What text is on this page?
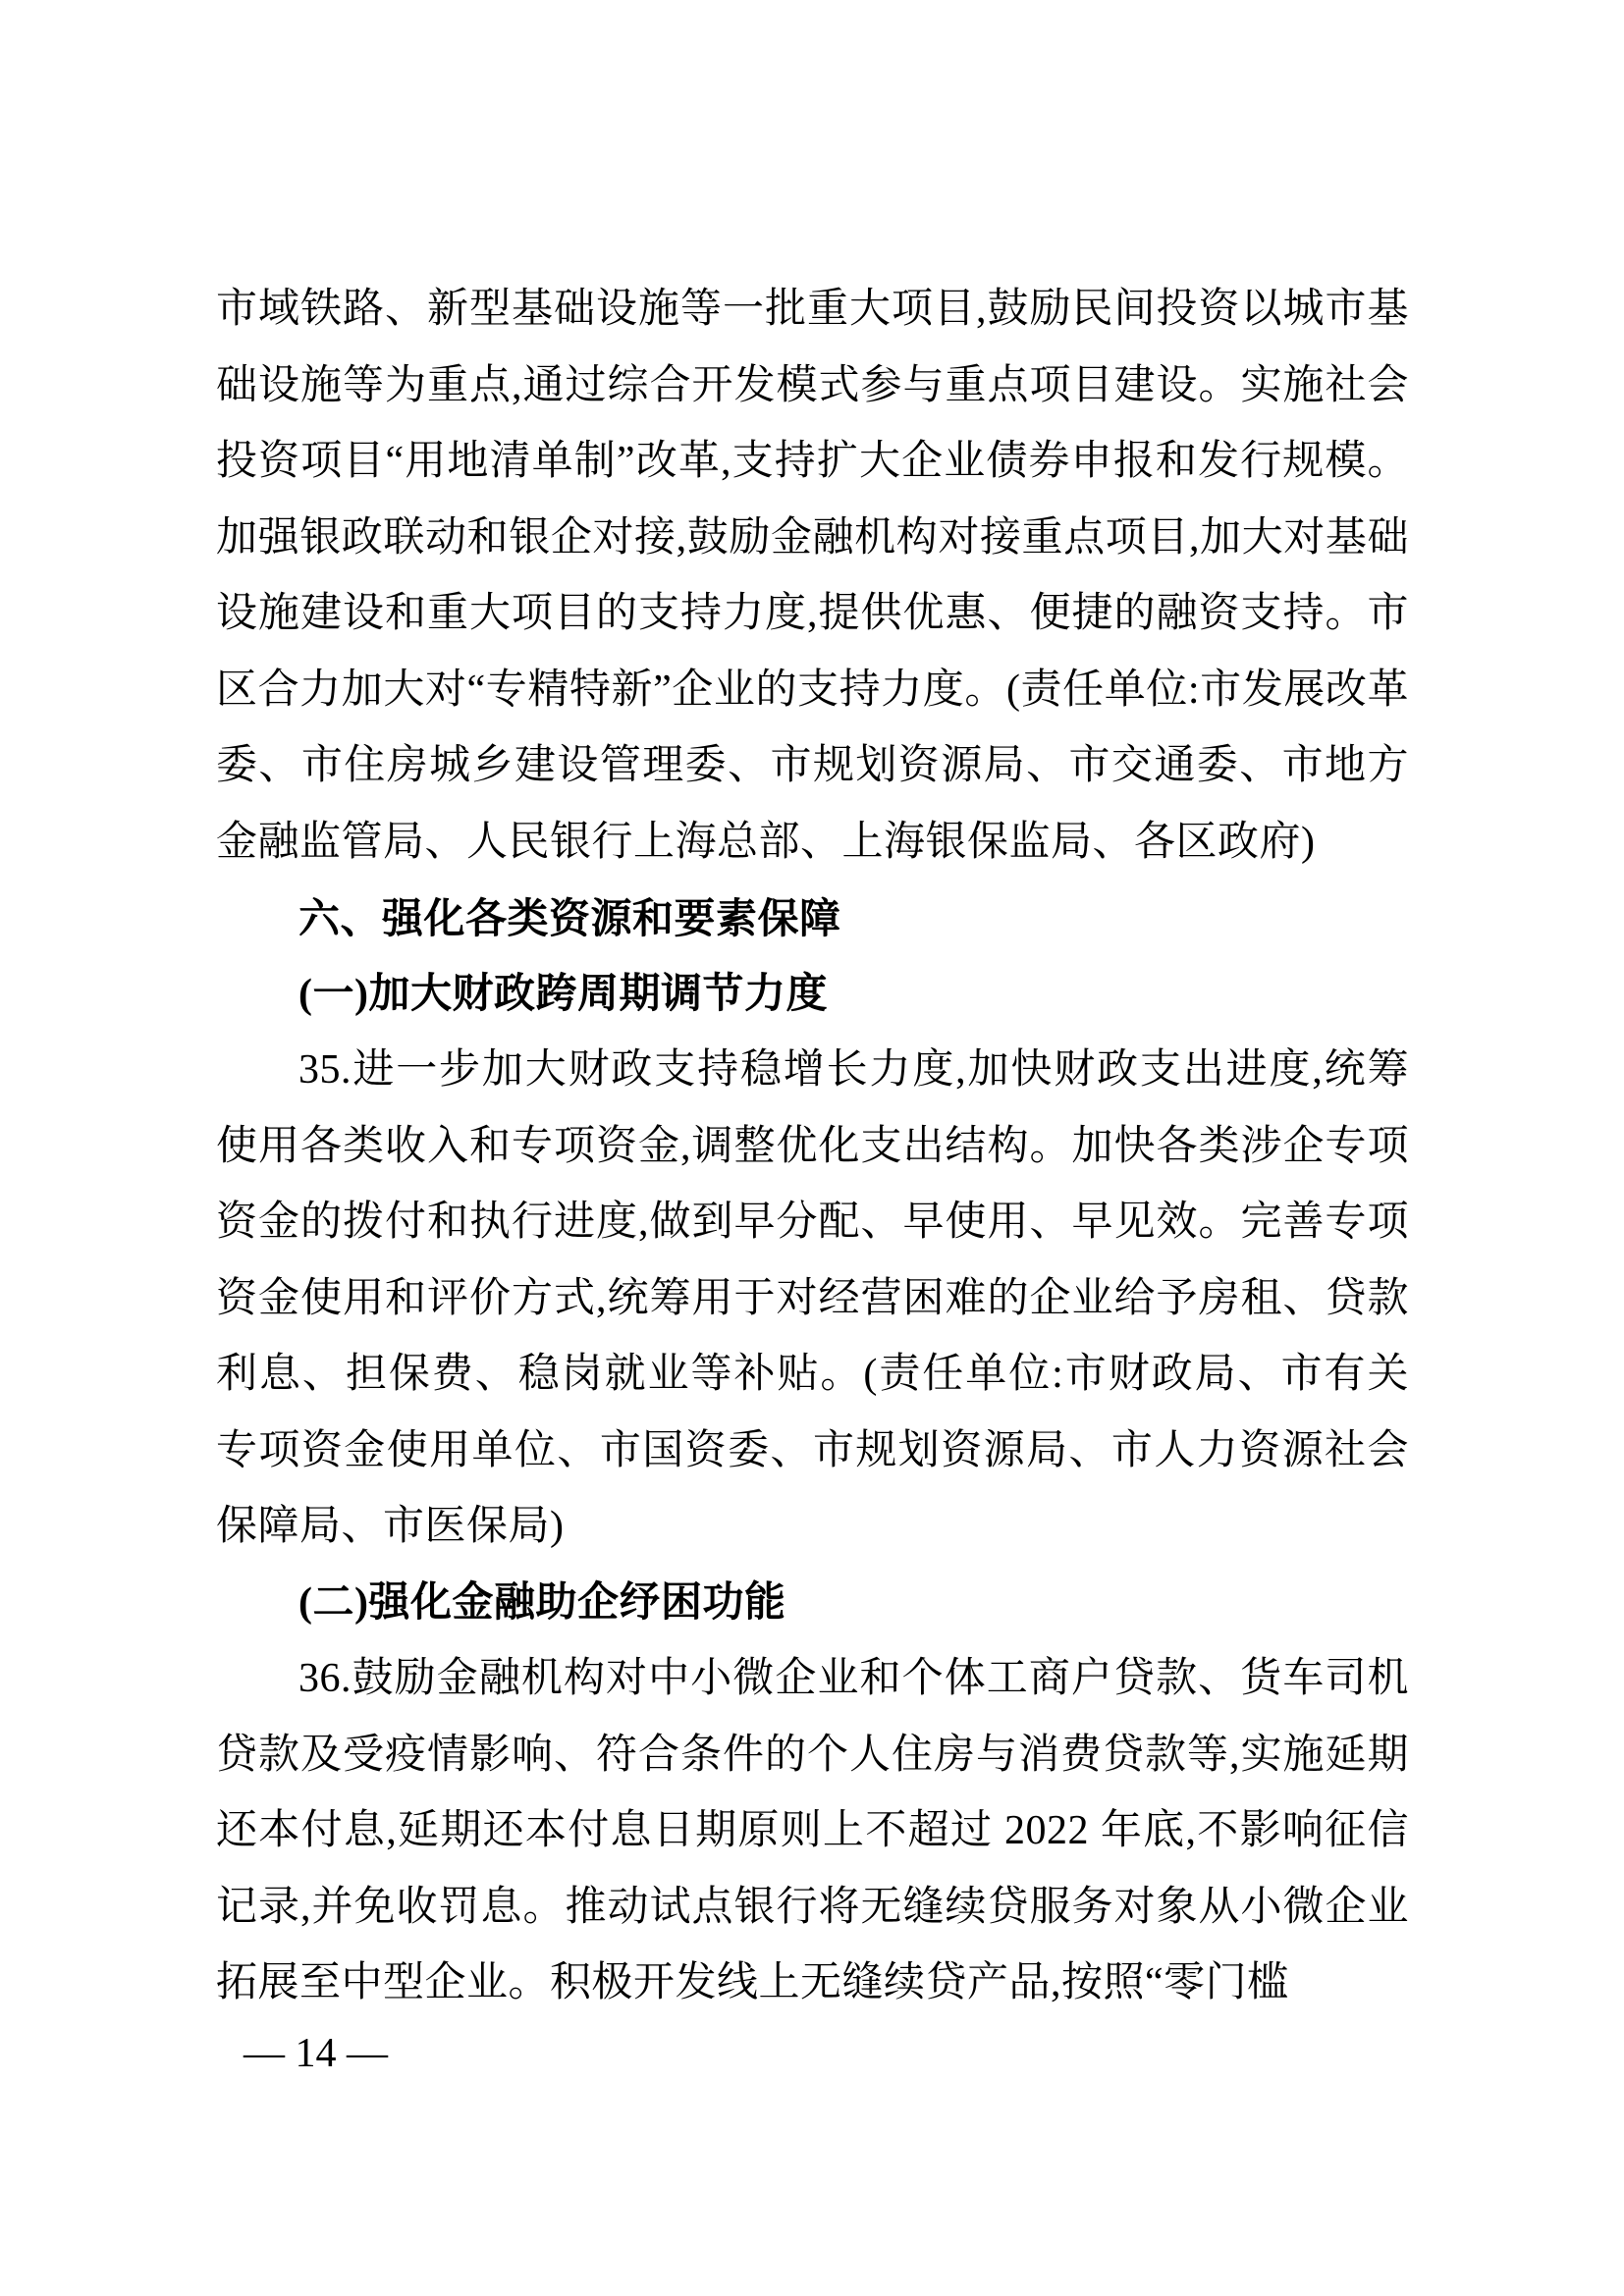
市域铁路、新型基础设施等一批重大项目,鼓励民间投资以城市基础设施等为重点,通过综合开发模式参与重点项目建设。实施社会投资项目“用地清单制”改革,支持扩大企业债券申报和发行规模。加强银政联动和银企对接,鼓励金融机构对接重点项目,加大对基础设施建设和重大项目的支持力度,提供优惠、便捷的融资支持。市区合力加大对“专精特新”企业的支持力度。(责任单位:市发展改革委、市住房城乡建设管理委、市规划资源局、市交通委、市地方金融监管局、人民银行上海总部、上海银保监局、各区政府)

六、强化各类资源和要素保障

(一)加大财政跨周期调节力度

35.进一步加大财政支持稳增长力度,加快财政支出进度,统筹使用各类收入和专项资金,调整优化支出结构。加快各类涉企专项资金的拨付和执行进度,做到早分配、早使用、早见效。完善专项资金使用和评价方式,统筹用于对经营困难的企业给予房租、贷款利息、担保费、稳岗就业等补贴。(责任单位:市财政局、市有关专项资金使用单位、市国资委、市规划资源局、市人力资源社会保障局、市医保局)

(二)强化金融助企纾困功能

36.鼓励金融机构对中小微企业和个体工商户贷款、货车司机贷款及受疫情影响、符合条件的个人住房与消费贷款等,实施延期还本付息,延期还本付息日期原则上不超过 2022 年底,不影响征信记录,并免收罚息。推动试点银行将无缝续贷服务对象从小微企业拓展至中型企业。积极开发线上无缝续贷产品,按照“零门槛

— 14 —
